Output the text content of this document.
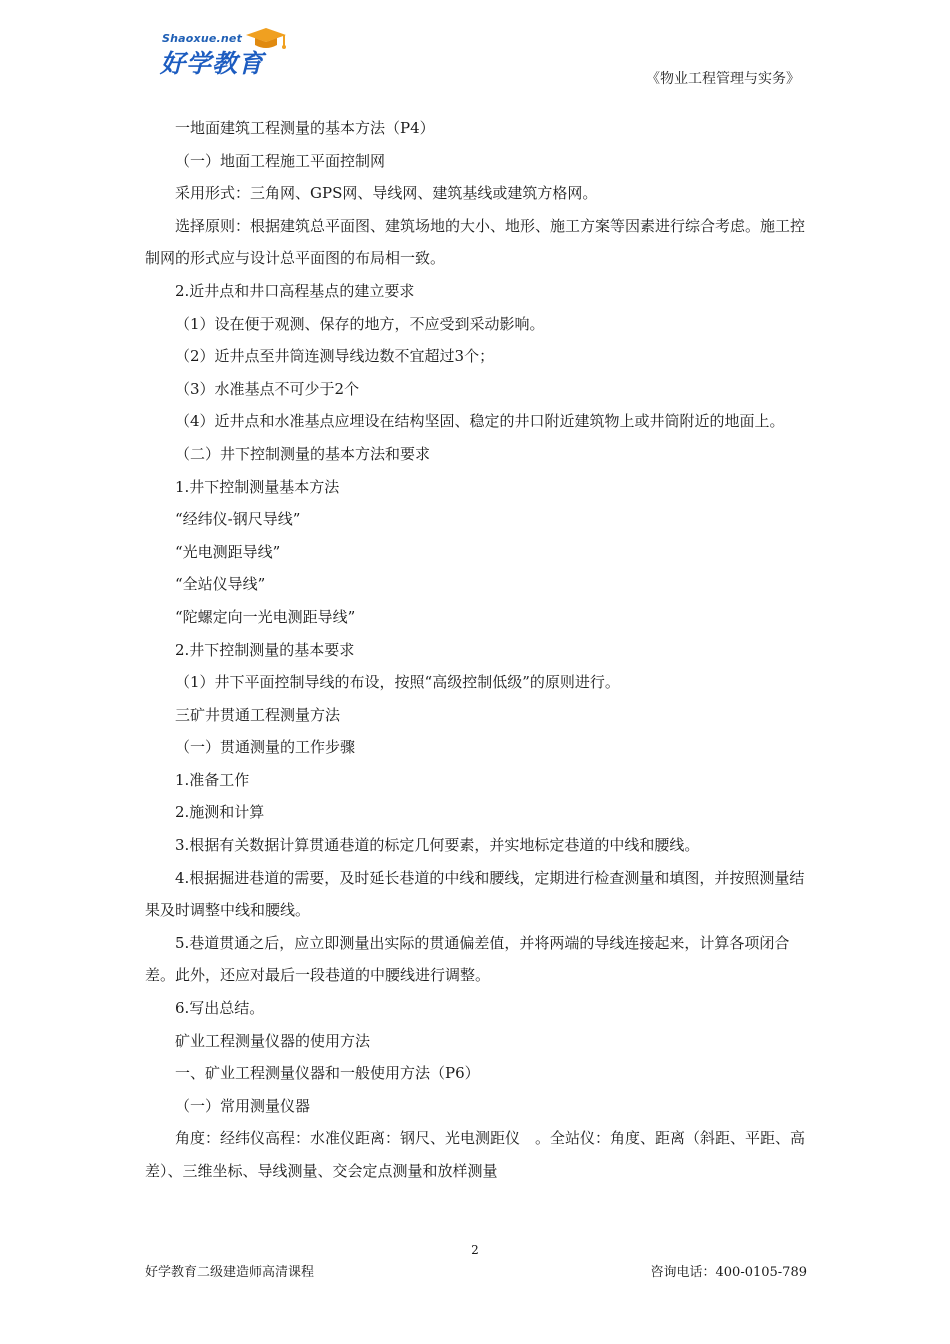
Shaoxue.net
好学教育
《物业工程管理与实务》

一地面建筑工程测量的基本方法（P4）

（一）地面工程施工平面控制网

采用形式：三角网、GPS网、导线网、建筑基线或建筑方格网。

选择原则：根据建筑总平面图、建筑场地的大小、地形、施工方案等因素进行综合考虑。施工控制网的形式应与设计总平面图的布局相一致。

2.近井点和井口高程基点的建立要求

（1）设在便于观测、保存的地方，不应受到采动影响。

（2）近井点至井筒连测导线边数不宜超过3个；

（3）水准基点不可少于2个

（4）近井点和水准基点应埋设在结构坚固、稳定的井口附近建筑物上或井筒附近的地面上。

（二）井下控制测量的基本方法和要求

1.井下控制测量基本方法

“经纬仪-钢尺导线”

“光电测距导线”

“全站仪导线”

“陀螺定向一光电测距导线”

2.井下控制测量的基本要求

（1）井下平面控制导线的布设，按照“高级控制低级”的原则进行。

三矿井贯通工程测量方法

（一）贯通测量的工作步骤

1.准备工作

2.施测和计算

3.根据有关数据计算贯通巷道的标定几何要素，并实地标定巷道的中线和腰线。

4.根据掘进巷道的需要，及时延长巷道的中线和腰线，定期进行检查测量和填图，并按照测量结果及时调整中线和腰线。

5.巷道贯通之后，应立即测量出实际的贯通偏差值，并将两端的导线连接起来，计算各项闭合差。此外，还应对最后一段巷道的中腰线进行调整。

6.写出总结。

矿业工程测量仪器的使用方法

一、矿业工程测量仪器和一般使用方法（P6）

（一）常用测量仪器

角度：经纬仪高程：水准仪距离：钢尺、光电测距仪　。全站仪：角度、距离（斜距、平距、高差）、三维坐标、导线测量、交会定点测量和放样测量

2
好学教育二级建造师高清课程	咨询电话：400-0105-789
